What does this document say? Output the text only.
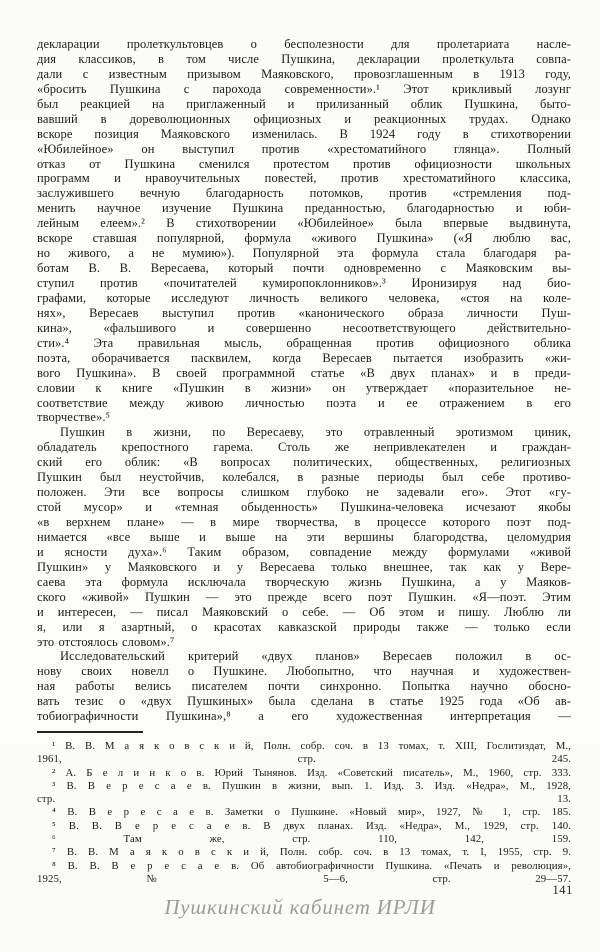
декларации пролеткультовцев о бесполезности для пролетариата насле-
дия классиков, в том числе Пушкина, декларации пролеткульта совпа-
дали с известным призывом Маяковского, провозглашенным в 1913 году,
«бросить Пушкина с парохода современности».¹ Этот крикливый лозунг
был реакцией на приглаженный и прилизанный облик Пушкина, быто-
вавший в дореволюционных официозных и реакционных трудах. Однако
вскоре позиция Маяковского изменилась. В 1924 году в стихотворении
«Юбилейное» он выступил против «хрестоматийного глянца». Полный
отказ от Пушкина сменился протестом против официозности школьных
программ и нравоучительных повестей, против хрестоматийного классика,
заслужившего вечную благодарность потомков, против «стремления под-
менить научное изучение Пушкина преданностью, благодарностью и юби-
лейным елеем».² В стихотворении «Юбилейное» была впервые выдвинута,
вскоре ставшая популярной, формула «живого Пушкина» («Я люблю вас,
но живого, а не мумию»). Популярной эта формула стала благодаря ра-
ботам В. В. Вересаева, который почти одновременно с Маяковским вы-
ступил против «почитателей кумиропоклонников».³ Иронизируя над био-
графами, которые исследуют личность великого человека, «стоя на коле-
нях», Вересаев выступил против «канонического образа личности Пуш-
кина», «фальшивого и совершенно несоответствующего действительно-
сти».⁴ Эта правильная мысль, обращенная против официозного облика
поэта, оборачивается пасквилем, когда Вересаев пытается изобразить «жи-
вого Пушкина». В своей программной статье «В двух планах» и в преди-
словии к книге «Пушкин в жизни» он утверждает «поразительное не-
соответствие между живою личностью поэта и ее отражением в его
творчестве».⁵
Пушкин в жизни, по Вересаеву, это отравленный эротизмом циник,
обладатель крепостного гарема. Столь же непривлекателен и граждан-
ский его облик: «В вопросах политических, общественных, религиозных
Пушкин был неустойчив, колебался, в разные периоды был себе противо-
положен. Эти все вопросы слишком глубоко не задевали его». Этот «гу-
стой мусор» и «темная обыденность» Пушкина-человека исчезают якобы
«в верхнем плане» — в мире творчества, в процессе которого поэт под-
нимается «все выше и выше на эти вершины благородства, целомудрия
и ясности духа».⁶ Таким образом, совпадение между формулами «живой
Пушкин» у Маяковского и у Вересаева только внешнее, так как у Вере-
саева эта формула исключала творческую жизнь Пушкина, а у Маяков-
ского «живой» Пушкин — это прежде всего поэт Пушкин. «Я—поэт. Этим
и интересен, — писал Маяковский о себе. — Об этом и пишу. Люблю ли
я, или я азартный, о красотах кавказской природы также — только если
это отстоялось словом».⁷
Исследовательский критерий «двух планов» Вересаев положил в ос-
нову своих новелл о Пушкине. Любопытно, что научная и художествен-
ная работы велись писателем почти синхронно. Попытка научно обосно-
вать тезис о «двух Пушкиных» была сделана в статье 1925 года «Об ав-
тобиографичности Пушкина»,⁸ а его художественная интерпретация —
¹ В. В. М а я к о в с к и й, Полн. собр. соч. в 13 томах, т. XIII, Гослитиздат, М.,
1961, стр. 245.
² А. Б е л и н к о в. Юрий Тынянов. Изд. «Советский писатель», М., 1960, стр. 333.
³ В. В е р е с а е в. Пушкин в жизни, вып. 1. Изд. 3. Изд. «Недра», М., 1928,
стр. 13.
⁴ В. В е р е с а е в. Заметки о Пушкине. «Новый мир», 1927, № 1, стр. 185.
⁵ В. В. В е р е с а е в. В двух планах. Изд. «Недра», М., 1929, стр. 140.
⁶ Там же, стр. 110, 142, 159.
⁷ В. В. М а я к о в с к и й, Полн. собр. соч. в 13 томах, т. I, 1955, стр. 9.
⁸ В. В. В е р е с а е в. Об автобиографичности Пушкина. «Печать и революция»,
1925, № 5—6, стр. 29—57.
141
Пушкинский кабинет ИРЛИ
